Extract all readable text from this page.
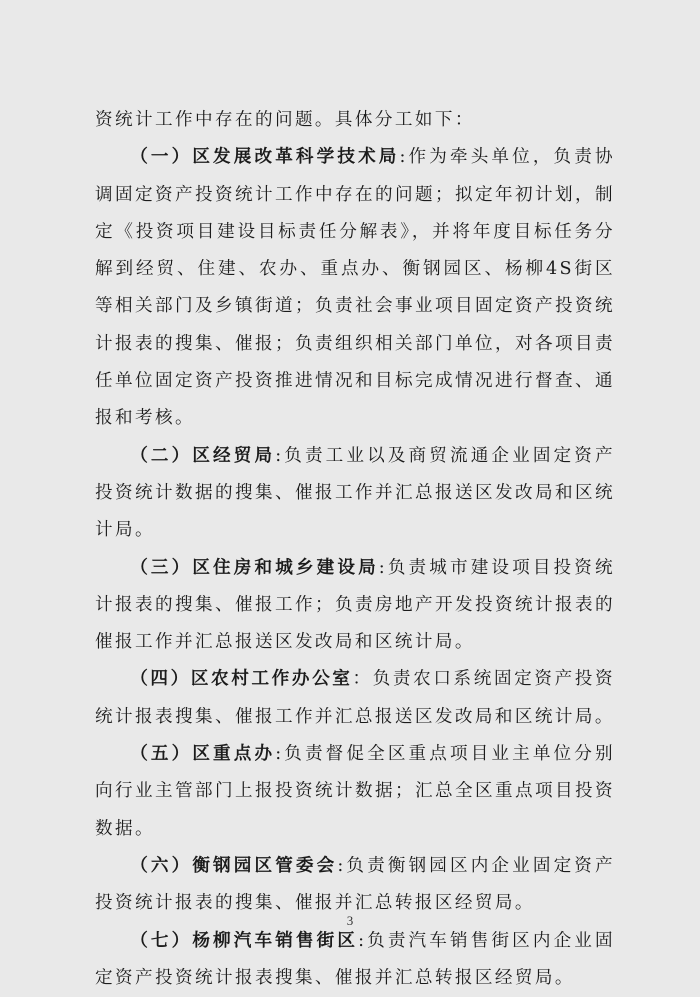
资统计工作中存在的问题。具体分工如下：

（一）区发展改革科学技术局:作为牵头单位，负责协调固定资产投资统计工作中存在的问题；拟定年初计划，制定《投资项目建设目标责任分解表》，并将年度目标任务分解到经贸、住建、农办、重点办、衡钢园区、杨柳4S街区等相关部门及乡镇街道；负责社会事业项目固定资产投资统计报表的搜集、催报；负责组织相关部门单位，对各项目责任单位固定资产投资推进情况和目标完成情况进行督查、通报和考核。

（二）区经贸局:负责工业以及商贸流通企业固定资产投资统计数据的搜集、催报工作并汇总报送区发改局和区统计局。

（三）区住房和城乡建设局:负责城市建设项目投资统计报表的搜集、催报工作；负责房地产开发投资统计报表的催报工作并汇总报送区发改局和区统计局。

（四）区农村工作办公室：负责农口系统固定资产投资统计报表搜集、催报工作并汇总报送区发改局和区统计局。

（五）区重点办:负责督促全区重点项目业主单位分别向行业主管部门上报投资统计数据；汇总全区重点项目投资数据。

（六）衡钢园区管委会:负责衡钢园区内企业固定资产投资统计报表的搜集、催报并汇总转报区经贸局。

（七）杨柳汽车销售街区:负责汽车销售街区内企业固定资产投资统计报表搜集、催报并汇总转报区经贸局。

3
